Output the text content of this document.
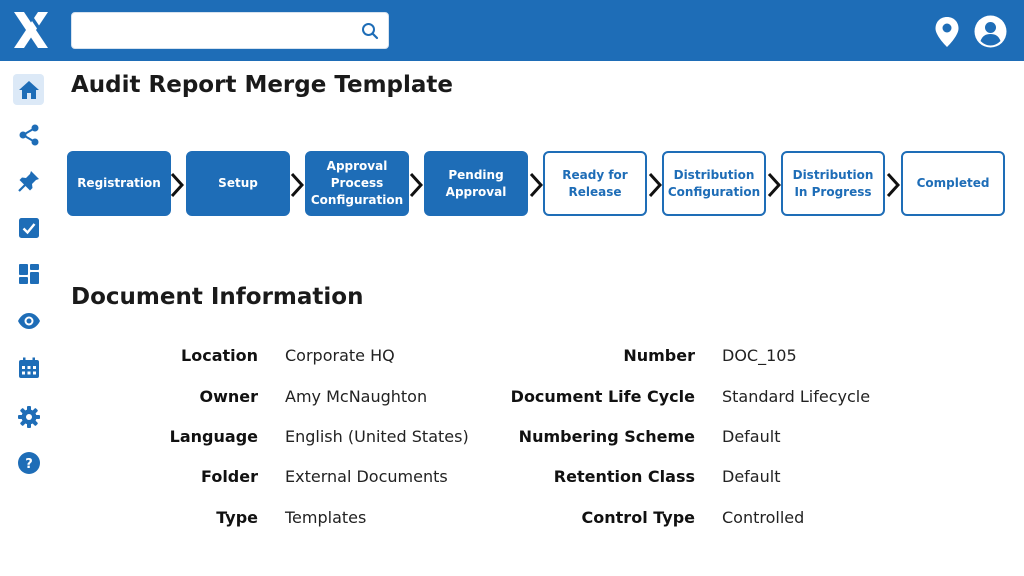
?
Audit Report Merge Template
Registration	Setup
Approval Process Configuration
Pending Approval
Ready for Release
Distribution Configuration
Distribution In Progress
Completed
Document Information
Location Corporate HQ
Owner Amy McNaughton
Language English (United States)
Folder External Documents
Type Templates
Number DOC_105
Document Life Cycle Standard Lifecycle
Numbering Scheme Default
Retention Class Default
Control Type Controlled
